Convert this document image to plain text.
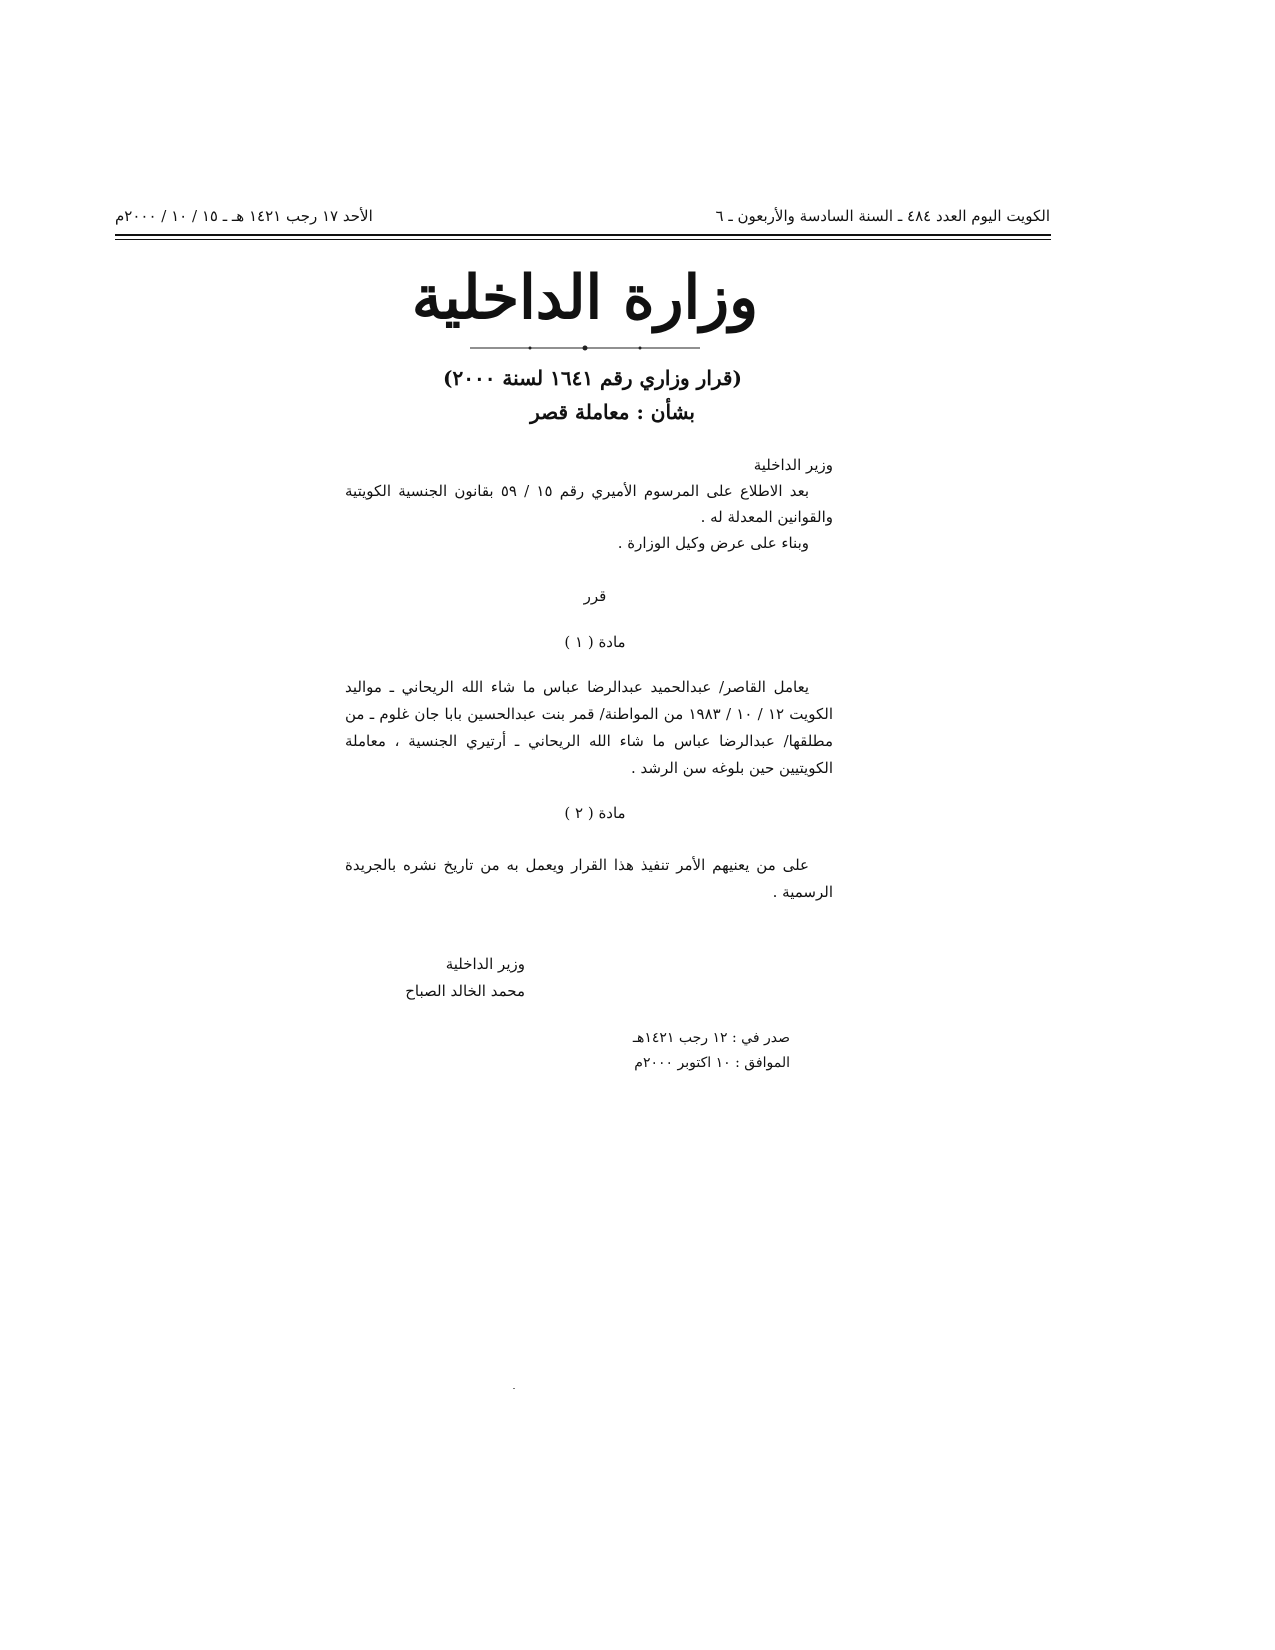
الكويت اليوم العدد ٤٨٤ ـ السنة السادسة والأربعون ـ ٦
الأحد ١٧ رجب ١٤٢١ هـ ـ ١٥ / ١٠ / ٢٠٠٠م
وزارة الداخلية
(قرار وزاري رقم ١٦٤١ لسنة ٢٠٠٠)
بشأن : معاملة قصر
وزير الداخلية

بعد الاطلاع على المرسوم الأميري رقم ١٥ / ٥٩ بقانون الجنسية الكويتية والقوانين المعدلة له .

وبناء على عرض وكيل الوزارة .

قرر
مادة ( ١ )

يعامل القاصر/ عبدالحميد عبدالرضا عباس ما شاء الله الريحاني ـ مواليد الكويت ١٢ / ١٠ / ١٩٨٣ من المواطنة/ قمر بنت عبدالحسين بابا جان غلوم ـ من مطلقها/ عبدالرضا عباس ما شاء الله الريحاني ـ أرتيري الجنسية ، معاملة الكويتيين حين بلوغه سن الرشد .

مادة ( ٢ )

على من يعنيهم الأمر تنفيذ هذا القرار ويعمل به من تاريخ نشره بالجريدة الرسمية .

وزير الداخلية
محمد الخالد الصباح
صدر في : ١٢ رجب ١٤٢١هـ
الموافق : ١٠ اكتوبر ٢٠٠٠م
